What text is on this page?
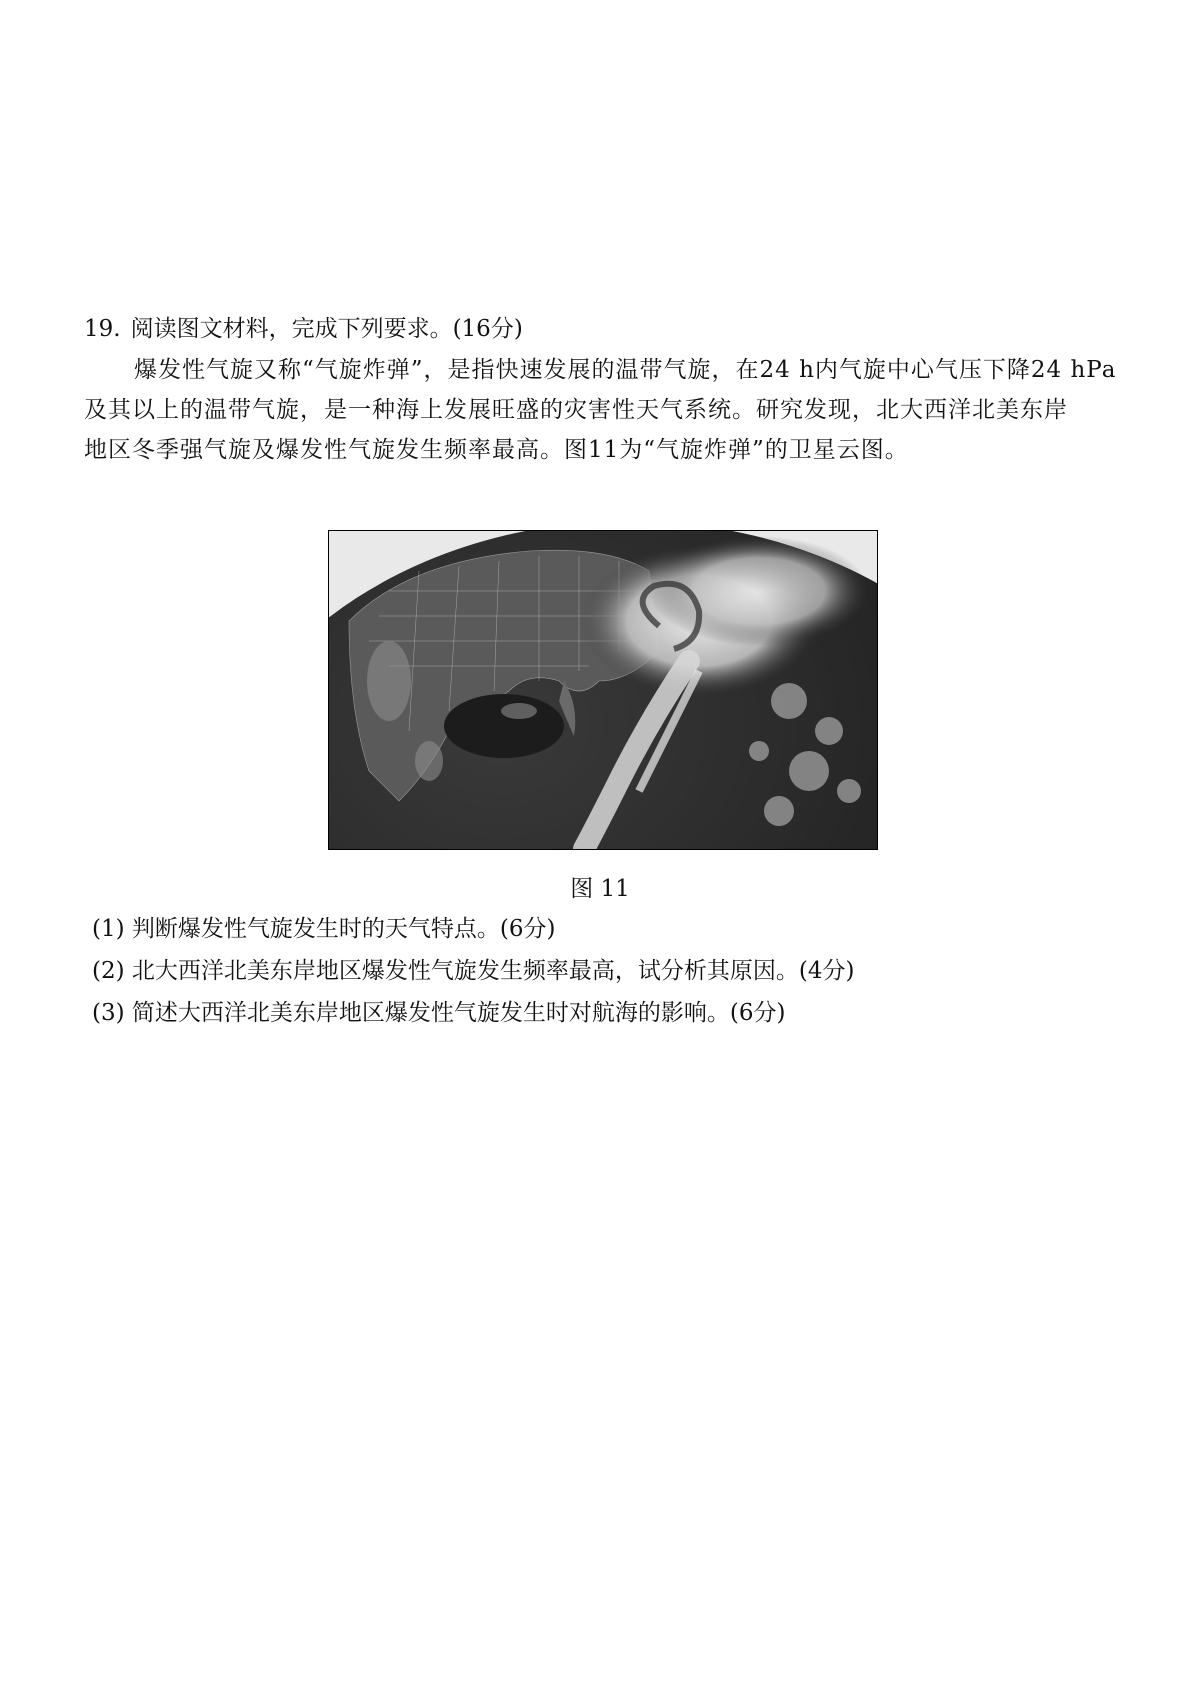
19. 阅读图文材料，完成下列要求。(16分)
爆发性气旋又称“气旋炸弹”，是指快速发展的温带气旋，在24 h内气旋中心气压下降24 hPa
及其以上的温带气旋，是一种海上发展旺盛的灾害性天气系统。研究发现，北大西洋北美东岸
地区冬季强气旋及爆发性气旋发生频率最高。图11为“气旋炸弹”的卫星云图。
图 11
(1) 判断爆发性气旋发生时的天气特点。(6分)
(2) 北大西洋北美东岸地区爆发性气旋发生频率最高，试分析其原因。(4分)
(3) 简述大西洋北美东岸地区爆发性气旋发生时对航海的影响。(6分)
